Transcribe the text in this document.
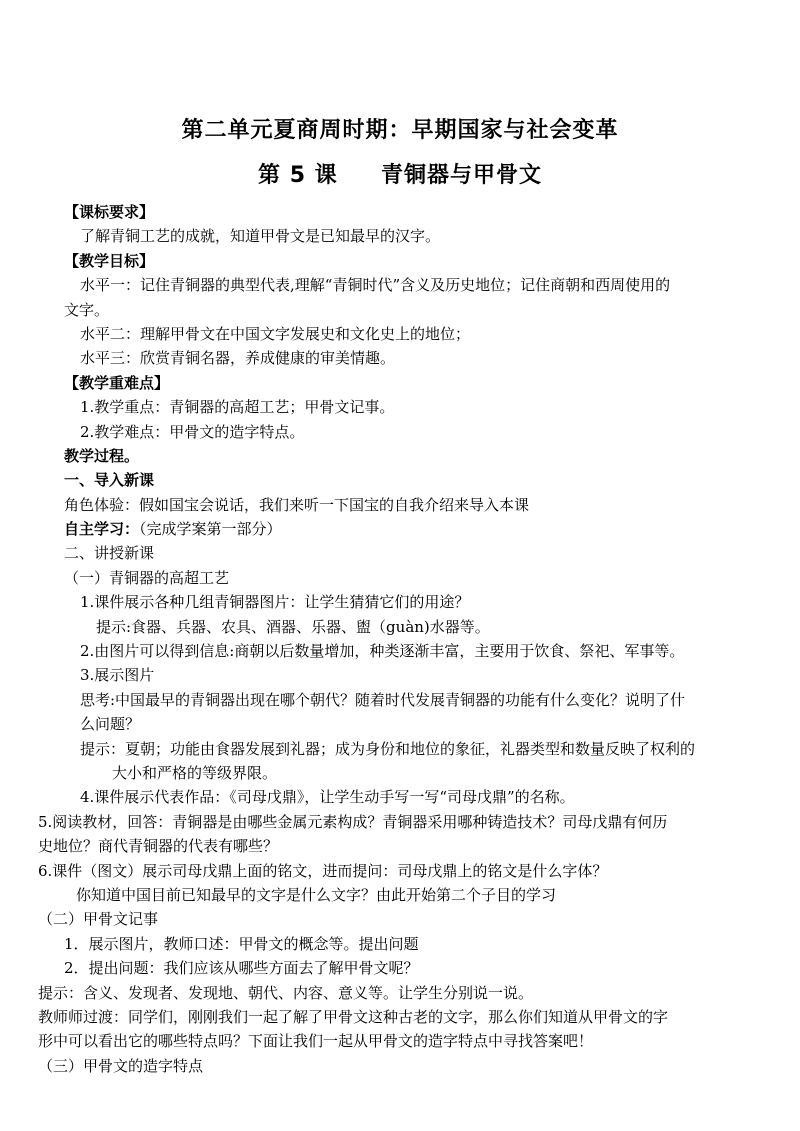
第二单元夏商周时期：早期国家与社会变革
第 5 课     青铜器与甲骨文
【课标要求】
了解青铜工艺的成就，知道甲骨文是已知最早的汉字。
【教学目标】
水平一：记住青铜器的典型代表,理解“青铜时代”含义及历史地位；记住商朝和西周使用的
文字。
水平二：理解甲骨文在中国文字发展史和文化史上的地位；
水平三：欣赏青铜名器，养成健康的审美情趣。
【教学重难点】
1.教学重点：青铜器的高超工艺；甲骨文记事。
2.教学难点：甲骨文的造字特点。
教学过程。
一、导入新课
角色体验：假如国宝会说话，我们来听一下国宝的自我介绍来导入本课
自主学习：（完成学案第一部分）
二、讲授新课
（一）青铜器的高超工艺
1.课件展示各种几组青铜器图片：让学生猜猜它们的用途？
提示:食器、兵器、农具、酒器、乐器、盥（guàn)水器等。
2.由图片可以得到信息:商朝以后数量增加，种类逐渐丰富，主要用于饮食、祭祀、军事等。
3.展示图片
思考:中国最早的青铜器出现在哪个朝代？随着时代发展青铜器的功能有什么变化？说明了什
么问题？
提示：夏朝；功能由食器发展到礼器；成为身份和地位的象征，礼器类型和数量反映了权利的
大小和严格的等级界限。
4.课件展示代表作品：《司母戊鼎》，让学生动手写一写“司母戊鼎”的名称。
5.阅读教材，回答：青铜器是由哪些金属元素构成？青铜器采用哪种铸造技术？司母戊鼎有何历
史地位？商代青铜器的代表有哪些？
6.课件（图文）展示司母戊鼎上面的铭文，进而提问：司母戊鼎上的铭文是什么字体？
你知道中国目前已知最早的文字是什么文字？由此开始第二个子目的学习
（二）甲骨文记事
1．展示图片，教师口述：甲骨文的概念等。提出问题
2．提出问题：我们应该从哪些方面去了解甲骨文呢？
提示：含义、发现者、发现地、朝代、内容、意义等。让学生分别说一说。
教师师过渡：同学们，刚刚我们一起了解了甲骨文这种古老的文字，那么你们知道从甲骨文的字
形中可以看出它的哪些特点吗？下面让我们一起从甲骨文的造字特点中寻找答案吧！
（三）甲骨文的造字特点
